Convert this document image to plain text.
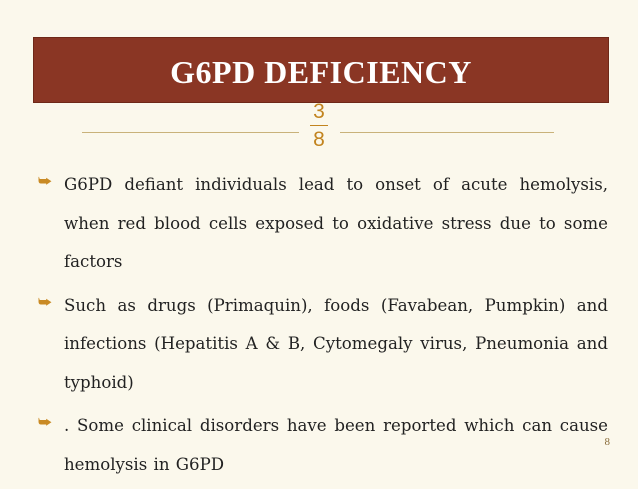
G6PD DEFICIENCY
3
8
⮩ G6PD defiant individuals lead to onset of acute hemolysis, when red blood cells exposed to oxidative stress due to some factors
⮩ Such as drugs (Primaquin), foods (Favabean, Pumpkin) and infections (Hepatitis A & B, Cytomegaly virus, Pneumonia and typhoid)
⮩ . Some clinical disorders have been reported which can cause hemolysis in G6PD
8
